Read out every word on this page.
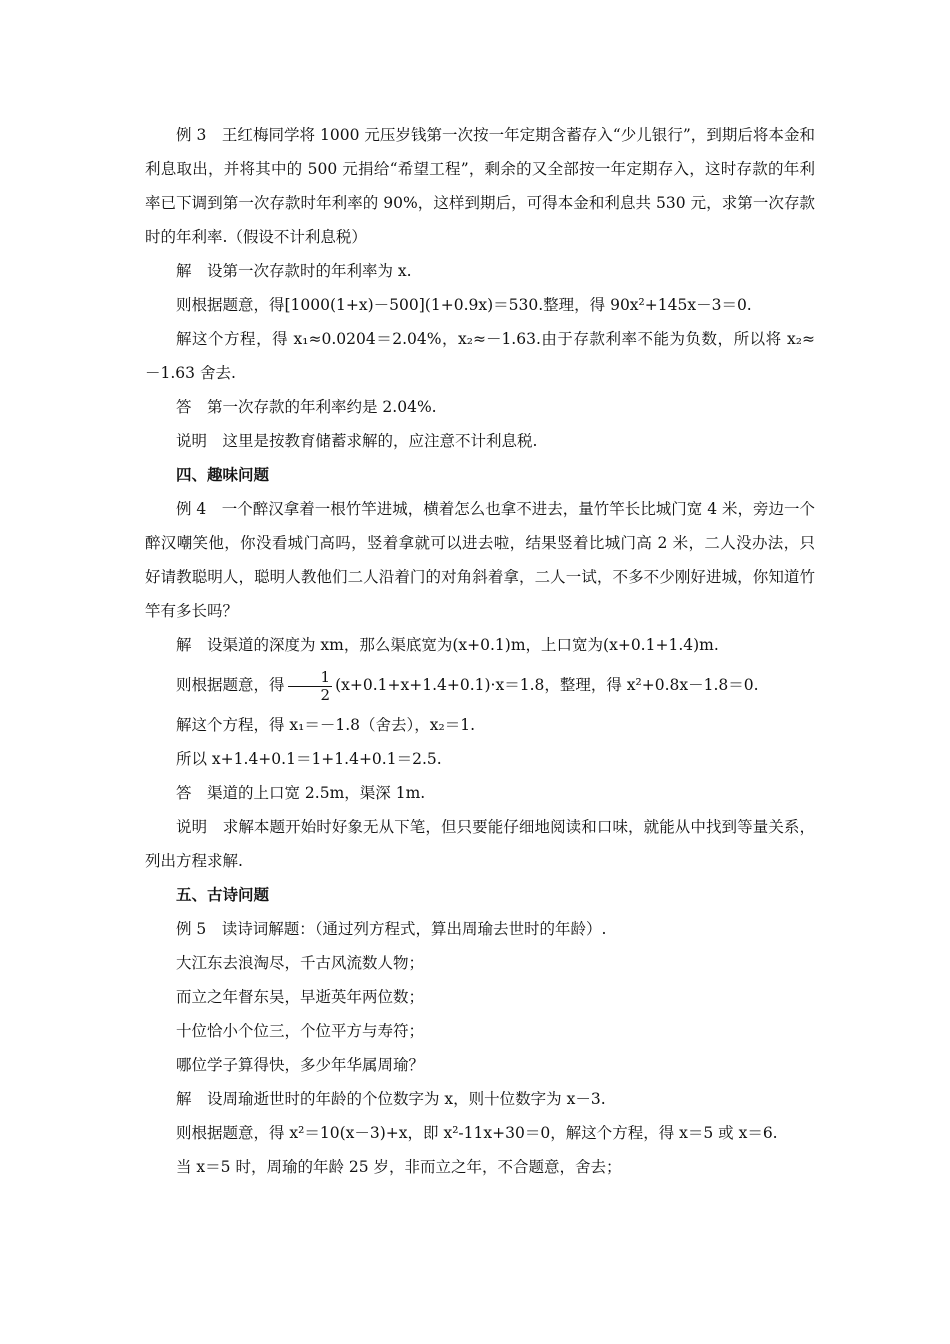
例 3　王红梅同学将 1000 元压岁钱第一次按一年定期含蓄存入“少儿银行”，到期后将本金和利息取出，并将其中的 500 元捐给“希望工程”，剩余的又全部按一年定期存入，这时存款的年利率已下调到第一次存款时年利率的 90%，这样到期后，可得本金和利息共 530 元，求第一次存款时的年利率.（假设不计利息税）

解　设第一次存款时的年利率为 x.

则根据题意，得[1000(1+x)－500](1+0.9x)＝530.整理，得 90x²+145x－3＝0.

解这个方程，得 x₁≈0.0204＝2.04%，x₂≈－1.63.由于存款利率不能为负数，所以将 x₂≈－1.63 舍去.

答　第一次存款的年利率约是 2.04%.

说明　这里是按教育储蓄求解的，应注意不计利息税.

四、趣味问题

例 4　一个醉汉拿着一根竹竿进城，横着怎么也拿不进去，量竹竿长比城门宽 4 米，旁边一个醉汉嘲笑他，你没看城门高吗，竖着拿就可以进去啦，结果竖着比城门高 2 米，二人没办法，只好请教聪明人，聪明人教他们二人沿着门的对角斜着拿，二人一试，不多不少刚好进城，你知道竹竿有多长吗？

解　设渠道的深度为 xm，那么渠底宽为(x+0.1)m，上口宽为(x+0.1+1.4)m.

则根据题意，得 $\frac{1}{2} (x+0.1+x+1.4+0.1)\cdot x=1.8$，整理，得 x²+0.8x－1.8＝0.

解这个方程，得 x₁＝－1.8（舍去），x₂＝1.

所以 x+1.4+0.1＝1+1.4+0.1＝2.5.

答　渠道的上口宽 2.5m，渠深 1m.

说明　求解本题开始时好象无从下笔，但只要能仔细地阅读和口味，就能从中找到等量关系，列出方程求解.

五、古诗问题

例 5　读诗词解题：（通过列方程式，算出周瑜去世时的年龄）.

大江东去浪淘尽，千古风流数人物；

而立之年督东吴，早逝英年两位数；

十位恰小个位三，个位平方与寿符；

哪位学子算得快，多少年华属周瑜？

解　设周瑜逝世时的年龄的个位数字为 x，则十位数字为 x－3.

则根据题意，得 x²＝10(x－3)+x，即 x²-11x+30＝0，解这个方程，得 x＝5 或 x＝6.

当 x＝5 时，周瑜的年龄 25 岁，非而立之年，不合题意，舍去；
